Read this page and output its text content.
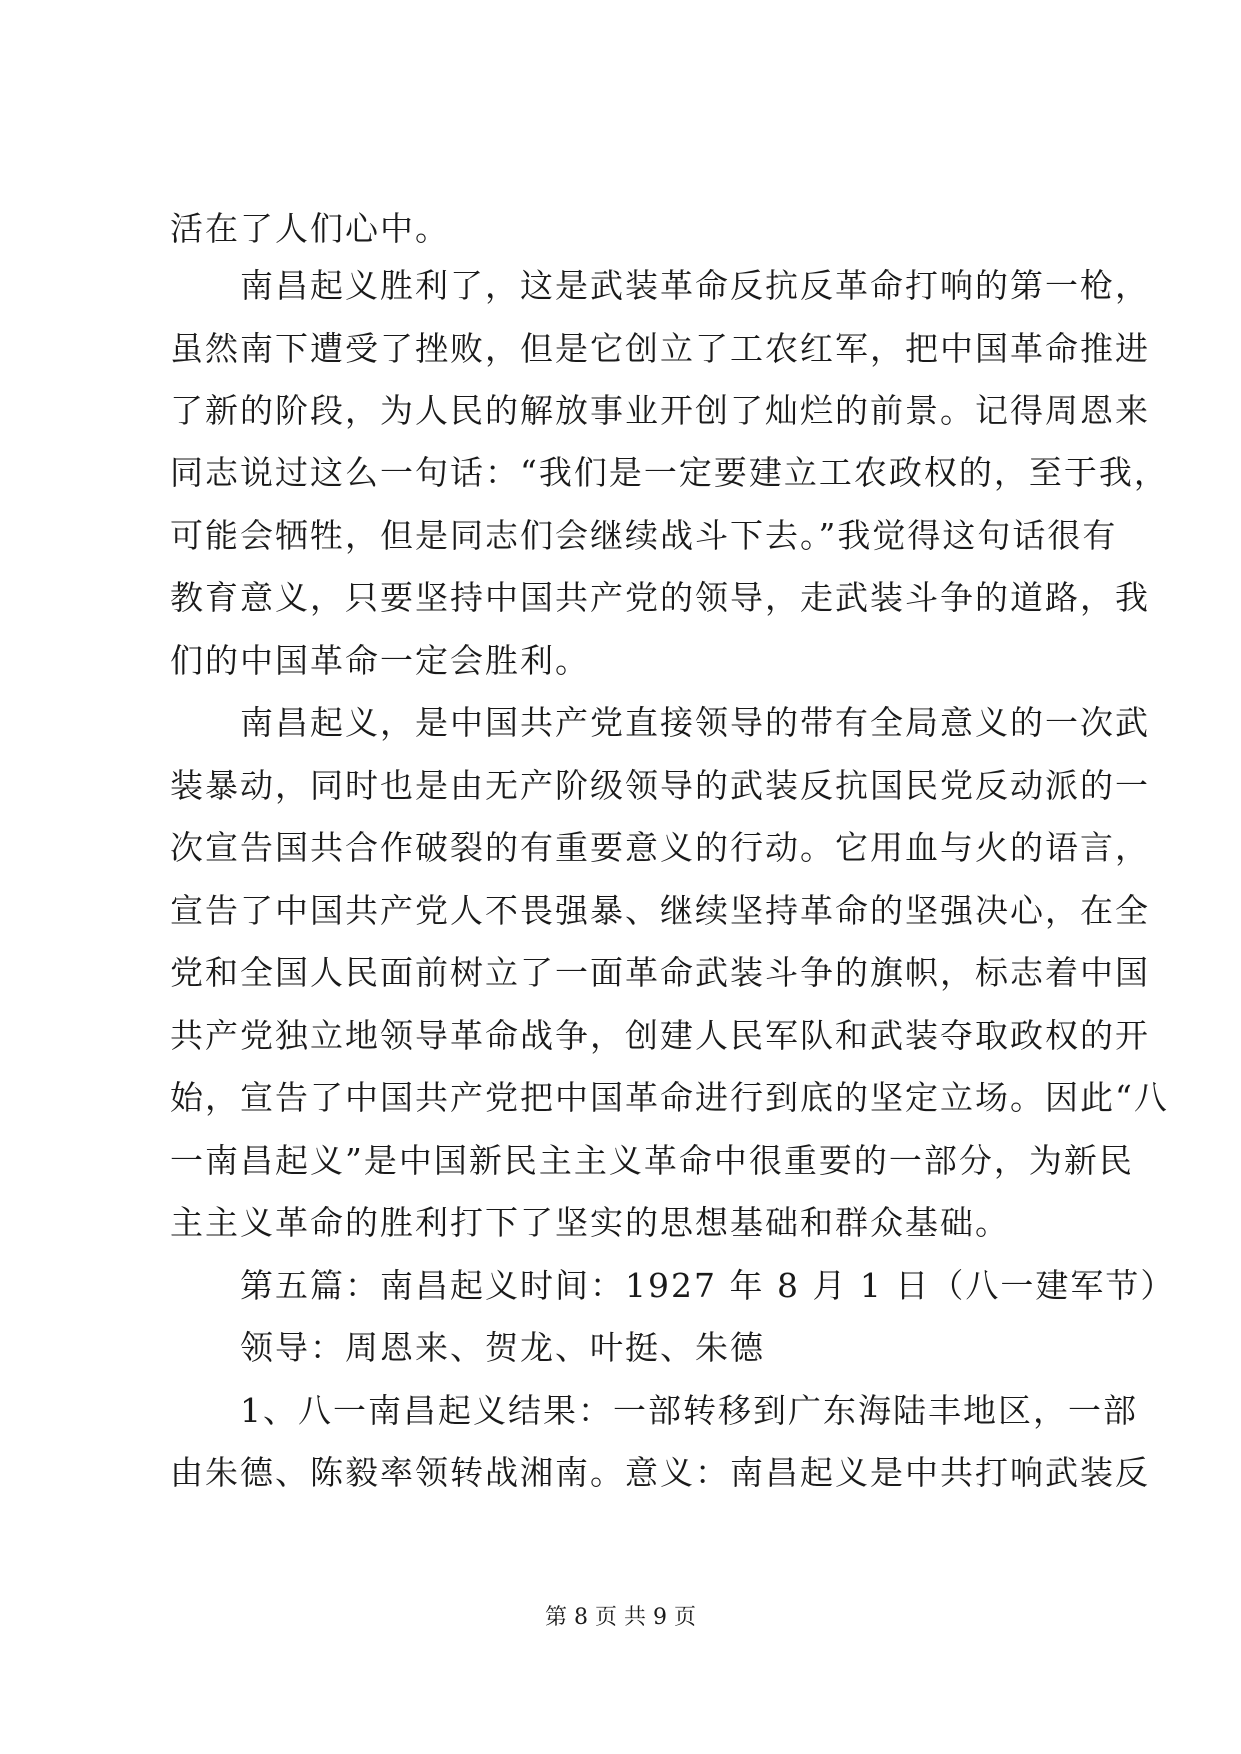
活在了人们心中。
　　南昌起义胜利了，这是武装革命反抗反革命打响的第一枪，
虽然南下遭受了挫败，但是它创立了工农红军，把中国革命推进
了新的阶段，为人民的解放事业开创了灿烂的前景。记得周恩来
同志说过这么一句话：“我们是一定要建立工农政权的，至于我，
可能会牺牲，但是同志们会继续战斗下去。”我觉得这句话很有
教育意义，只要坚持中国共产党的领导，走武装斗争的道路，我
们的中国革命一定会胜利。
　　南昌起义，是中国共产党直接领导的带有全局意义的一次武
装暴动，同时也是由无产阶级领导的武装反抗国民党反动派的一
次宣告国共合作破裂的有重要意义的行动。它用血与火的语言，
宣告了中国共产党人不畏强暴、继续坚持革命的坚强决心，在全
党和全国人民面前树立了一面革命武装斗争的旗帜，标志着中国
共产党独立地领导革命战争，创建人民军队和武装夺取政权的开
始，宣告了中国共产党把中国革命进行到底的坚定立场。因此“八
一南昌起义”是中国新民主主义革命中很重要的一部分，为新民
主主义革命的胜利打下了坚实的思想基础和群众基础。
　　第五篇：南昌起义时间：1927 年 8 月 1 日（八一建军节）
　　领导：周恩来、贺龙、叶挺、朱德
　　1、八一南昌起义结果：一部转移到广东海陆丰地区，一部
由朱德、陈毅率领转战湘南。意义：南昌起义是中共打响武装反
第 8 页 共 9 页
